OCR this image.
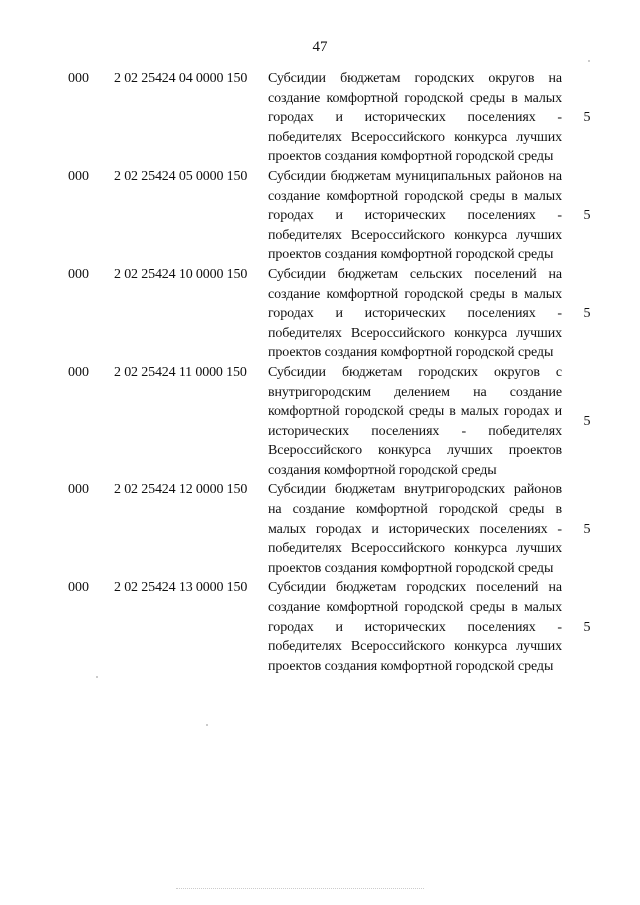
47
000	2 02 25424 04 0000 150	Субсидии бюджетам городских округов на создание комфортной городской среды в малых городах и исторических поселениях - победителях Всероссийского конкурса лучших проектов создания комфортной городской среды
5
000	2 02 25424 05 0000 150	Субсидии бюджетам муниципальных районов на создание комфортной городской среды в малых городах и исторических поселениях - победителях Всероссийского конкурса лучших проектов создания комфортной городской среды
5
000	2 02 25424 10 0000 150	Субсидии бюджетам сельских поселений на создание комфортной городской среды в малых городах и исторических поселениях - победителях Всероссийского конкурса лучших проектов создания комфортной городской среды
5
000	2 02 25424 11 0000 150	Субсидии бюджетам городских округов с внутригородским делением на создание комфортной городской среды в малых городах и исторических поселениях - победителях Всероссийского конкурса лучших проектов создания комфортной городской среды
5
000	2 02 25424 12 0000 150	Субсидии бюджетам внутригородских районов на создание комфортной городской среды в малых городах и исторических поселениях - победителях Всероссийского конкурса лучших проектов создания комфортной городской среды
5
000	2 02 25424 13 0000 150	Субсидии бюджетам городских поселений на создание комфортной городской среды в малых городах и исторических поселениях - победителях Всероссийского конкурса лучших проектов создания комфортной городской среды
5
